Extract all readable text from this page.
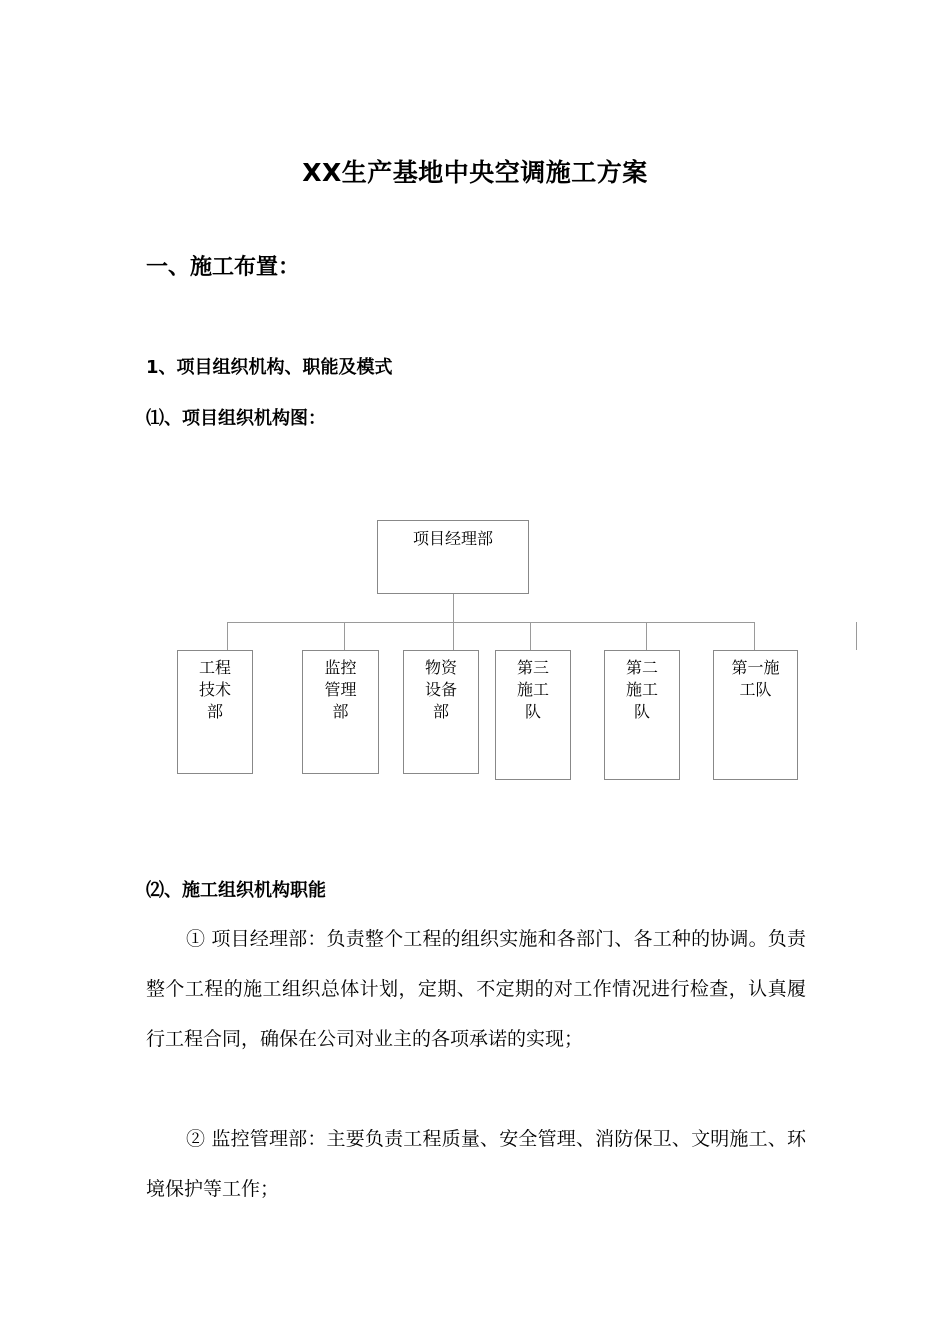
XX生产基地中央空调施工方案
一、施工布置：
1、项目组织机构、职能及模式
⑴、项目组织机构图：
项目经理部
工程
技术
部
监控
管理
部
物资
设备
部
第三
施工
队
第二
施工
队
第一施
工队
⑵、施工组织机构职能
① 项目经理部：负责整个工程的组织实施和各部门、各工种的协调。负责整个工程的施工组织总体计划，定期、不定期的对工作情况进行检查，认真履行工程合同，确保在公司对业主的各项承诺的实现；
② 监控管理部：主要负责工程质量、安全管理、消防保卫、文明施工、环境保护等工作；
